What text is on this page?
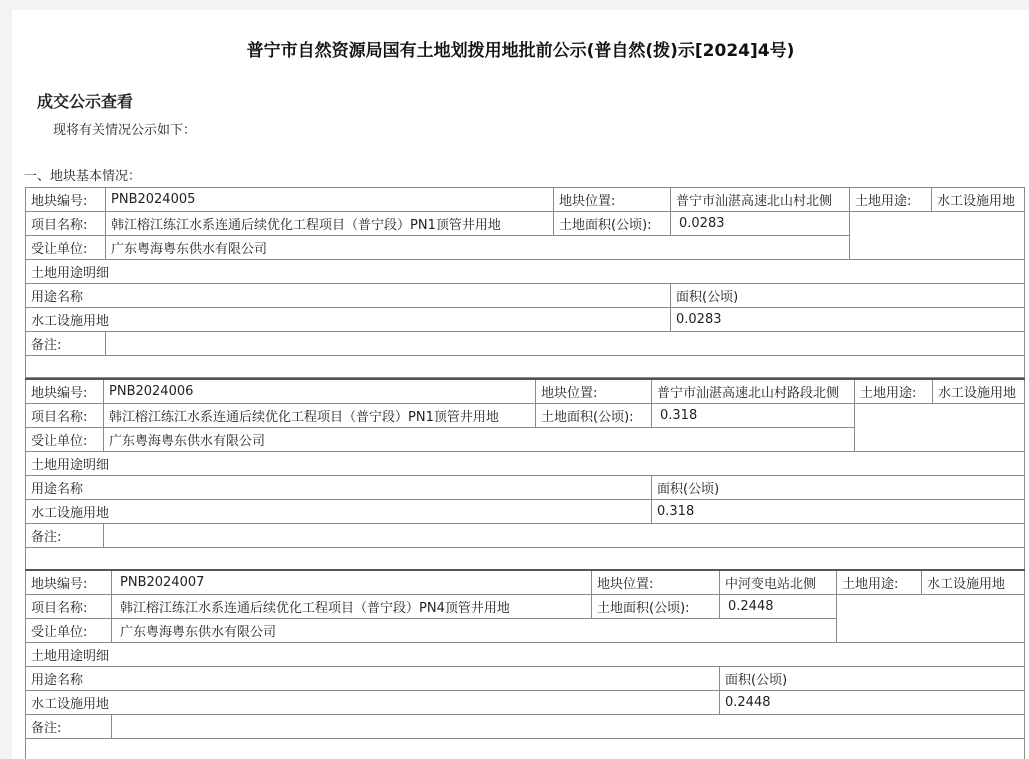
普宁市自然资源局国有土地划拨用地批前公示(普自然(拨)示[2024]4号)
成交公示查看
现将有关情况公示如下：
一、地块基本情况：
地块编号:	PNB2024005	地块位置:	普宁市汕湛高速北山村北侧	土地用途:	水工设施用地
项目名称:	韩江榕江练江水系连通后续优化工程项目（普宁段）PN1顶管井用地	土地面积(公顷):	0.0283		
受让单位:	广东粤海粤东供水有限公司				
土地用途明细					
用途名称			面积(公顷)		
水工设施用地			0.0283		
备注:					

地块编号:	PNB2024006	地块位置:	普宁市汕湛高速北山村路段北侧	土地用途:	水工设施用地
项目名称:	韩江榕江练江水系连通后续优化工程项目（普宁段）PN1顶管井用地	土地面积(公顷):	0.318		
受让单位:	广东粤海粤东供水有限公司				
土地用途明细					
用途名称			面积(公顷)		
水工设施用地			0.318		
备注:					

地块编号:	PNB2024007	地块位置:	中河变电站北侧	土地用途:	水工设施用地
项目名称:	韩江榕江练江水系连通后续优化工程项目（普宁段）PN4顶管井用地	土地面积(公顷):	0.2448		
受让单位:	广东粤海粤东供水有限公司				
土地用途明细					
用途名称			面积(公顷)		
水工设施用地			0.2448		
备注:					
